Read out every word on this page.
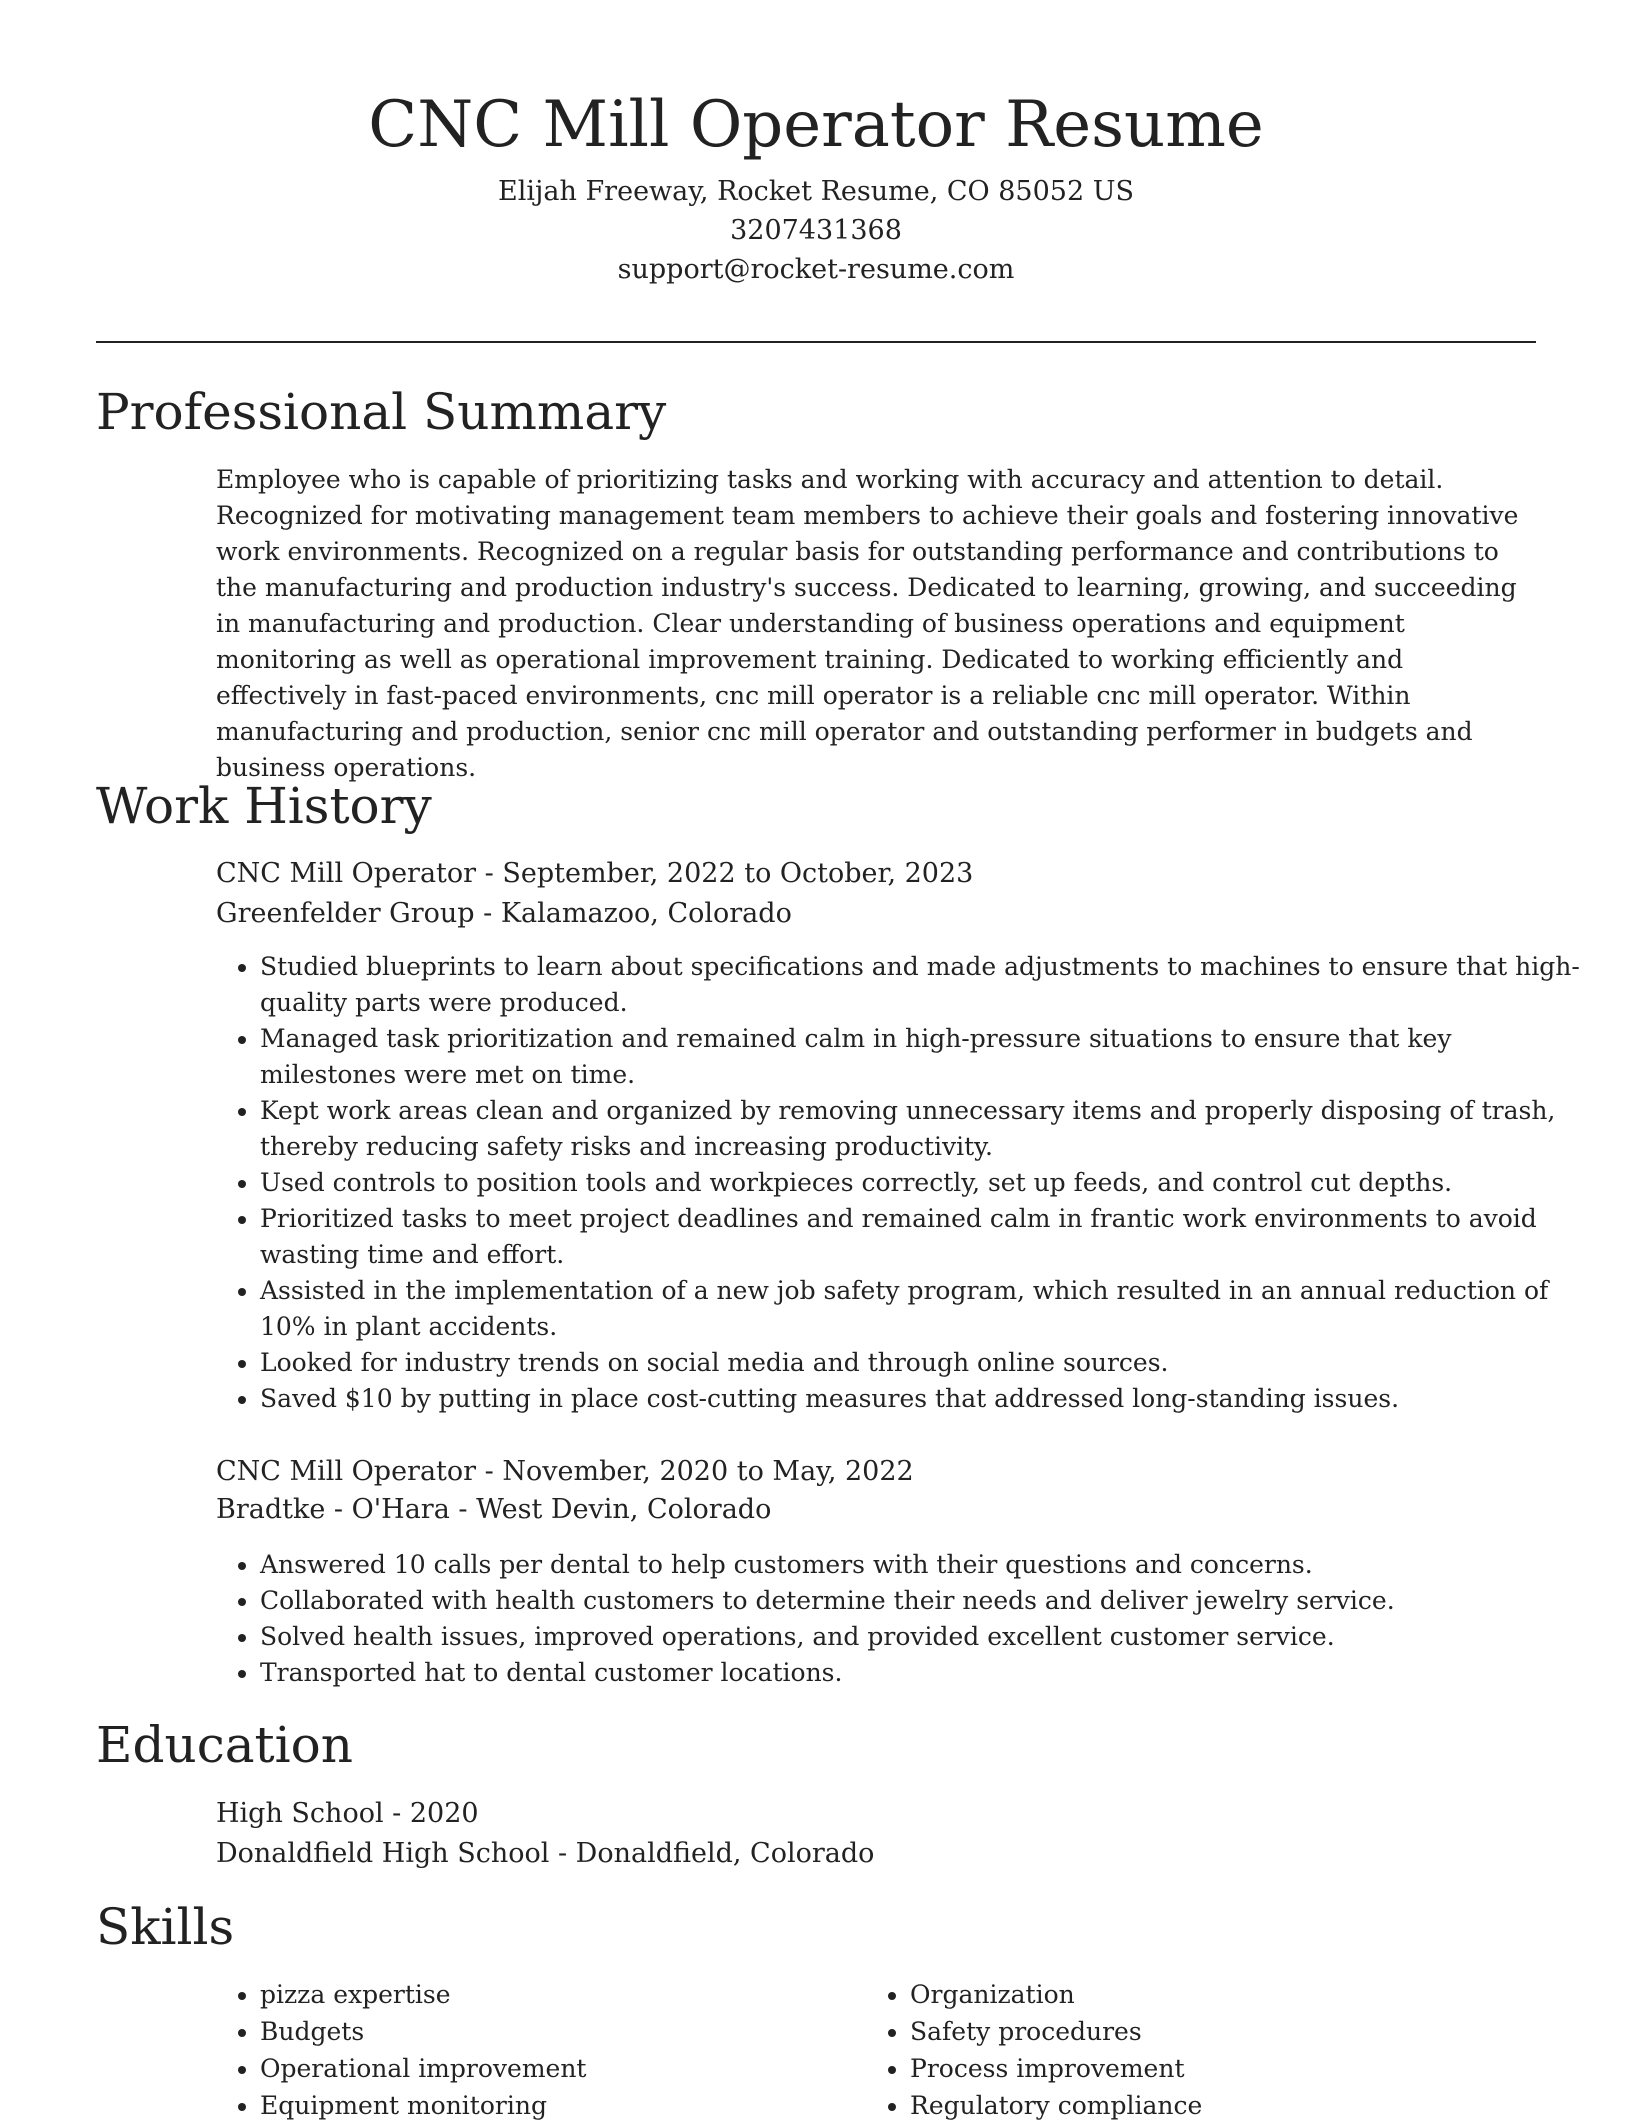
CNC Mill Operator Resume
Elijah Freeway, Rocket Resume, CO 85052 US
3207431368
support@rocket-resume.com
Professional Summary

Employee who is capable of prioritizing tasks and working with accuracy and attention to detail. Recognized for motivating management team members to achieve their goals and fostering innovative work environments. Recognized on a regular basis for outstanding performance and contributions to the manufacturing and production industry's success. Dedicated to learning, growing, and succeeding in manufacturing and production. Clear understanding of business operations and equipment monitoring as well as operational improvement training. Dedicated to working efficiently and effectively in fast-paced environments, cnc mill operator is a reliable cnc mill operator. Within manufacturing and production, senior cnc mill operator and outstanding performer in budgets and business operations.

Work History
CNC Mill Operator - September, 2022 to October, 2023
Greenfelder Group - Kalamazoo, Colorado
• Studied blueprints to learn about specifications and made adjustments to machines to ensure that high-quality parts were produced.
• Managed task prioritization and remained calm in high-pressure situations to ensure that key milestones were met on time.
• Kept work areas clean and organized by removing unnecessary items and properly disposing of trash, thereby reducing safety risks and increasing productivity.
• Used controls to position tools and workpieces correctly, set up feeds, and control cut depths.
• Prioritized tasks to meet project deadlines and remained calm in frantic work environments to avoid wasting time and effort.
• Assisted in the implementation of a new job safety program, which resulted in an annual reduction of 10% in plant accidents.
• Looked for industry trends on social media and through online sources.
• Saved $10 by putting in place cost-cutting measures that addressed long-standing issues.
CNC Mill Operator - November, 2020 to May, 2022
Bradtke - O'Hara - West Devin, Colorado
• Answered 10 calls per dental to help customers with their questions and concerns.
• Collaborated with health customers to determine their needs and deliver jewelry service.
• Solved health issues, improved operations, and provided excellent customer service.
• Transported hat to dental customer locations.
Education
High School - 2020
Donaldfield High School - Donaldfield, Colorado
Skills
• pizza expertise
• Budgets
• Operational improvement
• Equipment monitoring
• Organization
• Safety procedures
• Process improvement
• Regulatory compliance
